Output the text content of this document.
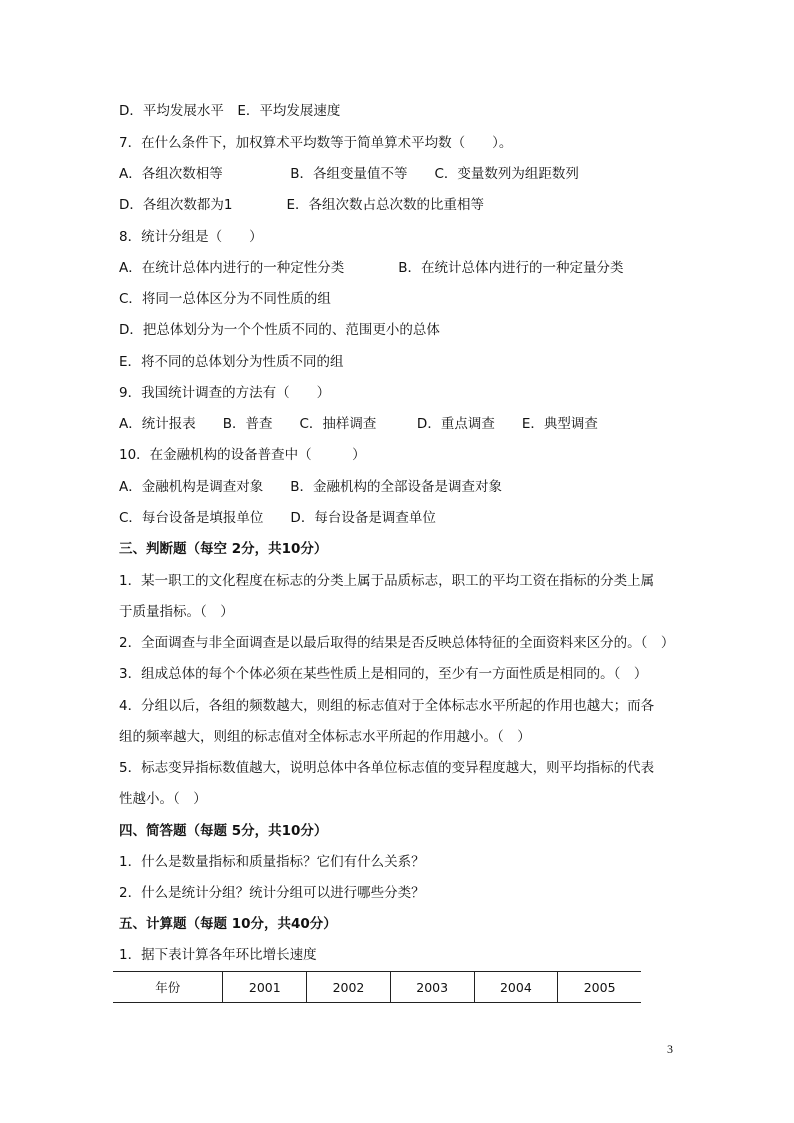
D．平均发展水平　E．平均发展速度
7．在什么条件下，加权算术平均数等于简单算术平均数（　　）。
A．各组次数相等　　　　　B．各组变量值不等　　C．变量数列为组距数列
D．各组次数都为1　　　　E．各组次数占总次数的比重相等
8．统计分组是（　　）
A．在统计总体内进行的一种定性分类　　　　B．在统计总体内进行的一种定量分类
C．将同一总体区分为不同性质的组
D．把总体划分为一个个性质不同的、范围更小的总体
E．将不同的总体划分为性质不同的组
9．我国统计调查的方法有（　　）
A．统计报表　　B．普查　　C．抽样调查　　　D．重点调查　　E．典型调查
10．在金融机构的设备普查中（　　　）
A．金融机构是调查对象　　B．金融机构的全部设备是调查对象
C．每台设备是填报单位　　D．每台设备是调查单位
三、判断题（每空 2分，共10分）
1．某一职工的文化程度在标志的分类上属于品质标志，职工的平均工资在指标的分类上属
于质量指标。（　）
2．全面调查与非全面调查是以最后取得的结果是否反映总体特征的全面资料来区分的。（　）
3．组成总体的每个个体必须在某些性质上是相同的，至少有一方面性质是相同的。（　）
4．分组以后，各组的频数越大，则组的标志值对于全体标志水平所起的作用也越大；而各
组的频率越大，则组的标志值对全体标志水平所起的作用越小。（　）
5．标志变异指标数值越大，说明总体中各单位标志值的变异程度越大，则平均指标的代表
性越小。（　）
四、简答题（每题 5分，共10分）
1．什么是数量指标和质量指标？它们有什么关系？
2．什么是统计分组？统计分组可以进行哪些分类？
五、计算题（每题 10分，共40分）
1．据下表计算各年环比增长速度
年份	2001	2002	2003	2004	2005
3
